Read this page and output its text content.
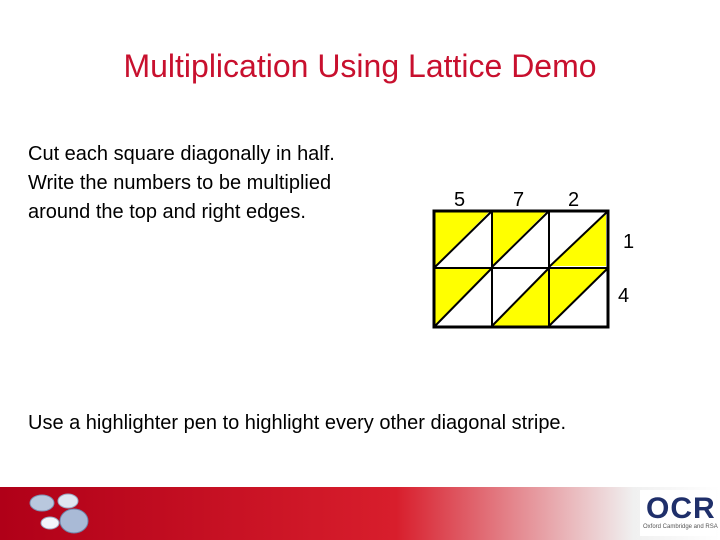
Multiplication Using Lattice Demo
Cut each square diagonally in half.
Write the numbers to be multiplied
around the top and right edges.
5 7 2
1
4
Use a highlighter pen to highlight every other diagonal stripe.
OCR
Oxford Cambridge and RSA
